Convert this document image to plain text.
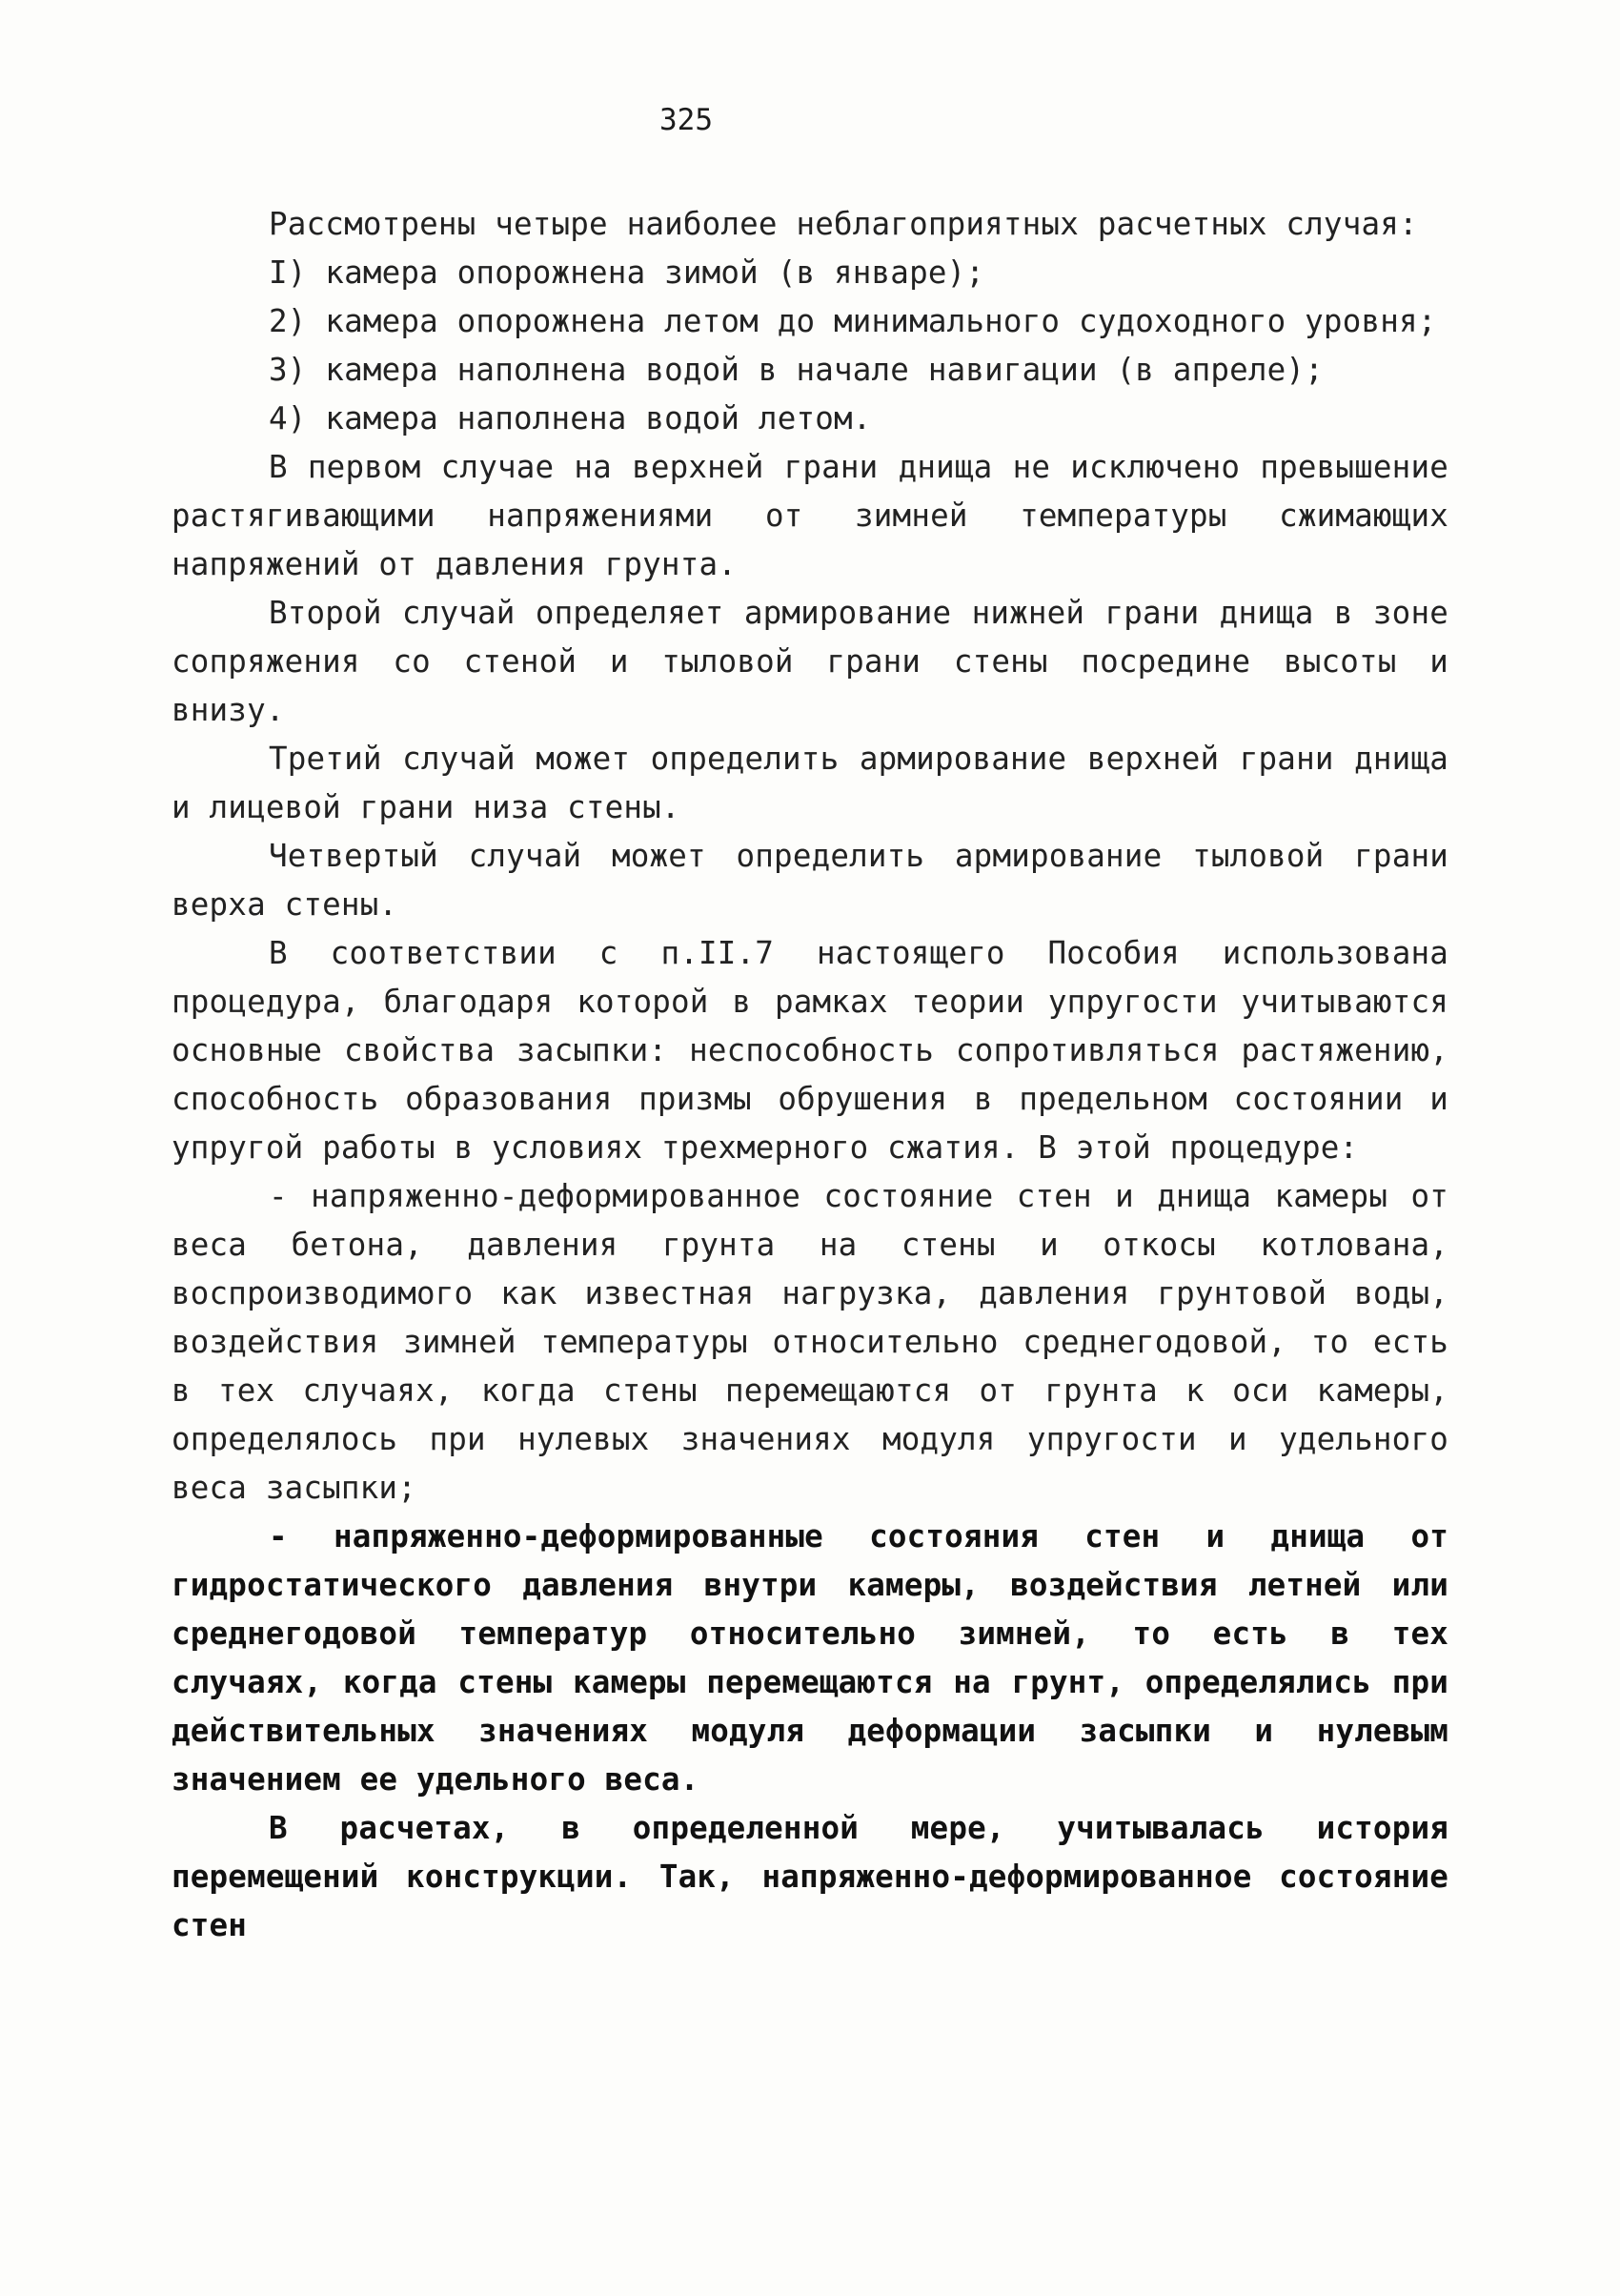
325

Рассмотрены четыре наиболее неблагоприятных расчетных случая:

I) камера опорожнена зимой (в январе);

2) камера опорожнена летом до минимального судоходного уровня;

3) камера наполнена водой в начале навигации (в апреле);

4) камера наполнена водой летом.

В первом случае на верхней грани днища не исключено превышение растягивающими напряжениями от зимней температуры сжимающих напряжений от давления грунта.

Второй случай определяет армирование нижней грани днища в зоне сопряжения со стеной и тыловой грани стены посредине высоты и внизу.

Третий случай может определить армирование верхней грани днища и лицевой грани низа стены.

Четвертый случай может определить армирование тыловой грани верха стены.

В соответствии с п.II.7 настоящего Пособия использована процедура, благодаря которой в рамках теории упругости учитываются основные свойства засыпки: неспособность сопротивляться растяжению, способность образования призмы обрушения в предельном состоянии и упругой работы в условиях трехмерного сжатия. В этой процедуре:

- напряженно-деформированное состояние стен и днища камеры от веса бетона, давления грунта на стены и откосы котлована, воспроизводимого как известная нагрузка, давления грунтовой воды, воздействия зимней температуры относительно среднегодовой, то есть в тех случаях, когда стены перемещаются от грунта к оси камеры, определялось при нулевых значениях модуля упругости и удельного веса засыпки;

- напряженно-деформированные состояния стен и днища от гидростатического давления внутри камеры, воздействия летней или среднегодовой температур относительно зимней, то есть в тех случаях, когда стены камеры перемещаются на грунт, определялись при действительных значениях модуля деформации засыпки и нулевым значением ее удельного веса.

В расчетах, в определенной мере, учитывалась история перемещений конструкции. Так, напряженно-деформированное состояние стен
